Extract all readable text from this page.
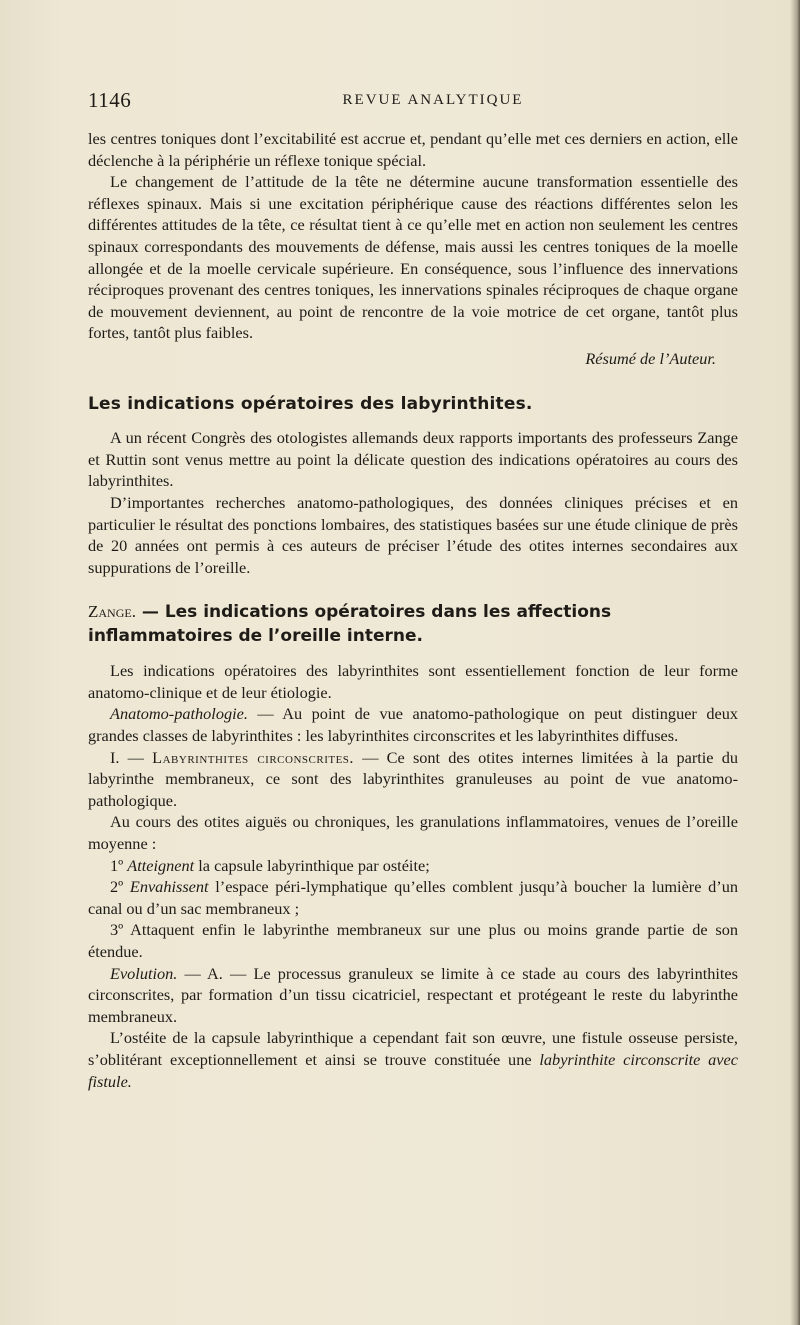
1146	REVUE ANALYTIQUE

les centres toniques dont l’excitabilité est accrue et, pendant qu’elle met ces derniers en action, elle déclenche à la périphérie un réflexe tonique spécial.

Le changement de l’attitude de la tête ne détermine aucune transformation essentielle des réflexes spinaux. Mais si une excitation périphérique cause des réactions différentes selon les différentes attitudes de la tête, ce résultat tient à ce qu’elle met en action non seulement les centres spinaux correspondants des mouvements de défense, mais aussi les centres toniques de la moelle allongée et de la moelle cervicale supérieure. En conséquence, sous l’influence des innervations réciproques provenant des centres toniques, les innervations spinales réciproques de chaque organe de mouvement deviennent, au point de rencontre de la voie motrice de cet organe, tantôt plus fortes, tantôt plus faibles.

Résumé de l’Auteur.

Les indications opératoires des labyrinthites.

A un récent Congrès des otologistes allemands deux rapports importants des professeurs Zange et Ruttin sont venus mettre au point la délicate question des indications opératoires au cours des labyrinthites.

D’importantes recherches anatomo-pathologiques, des données cliniques précises et en particulier le résultat des ponctions lombaires, des statistiques basées sur une étude clinique de près de 20 années ont permis à ces auteurs de préciser l’étude des otites internes secondaires aux suppurations de l’oreille.

Zange. — Les indications opératoires dans les affections inflammatoires de l’oreille interne.

Les indications opératoires des labyrinthites sont essentiellement fonction de leur forme anatomo-clinique et de leur étiologie.

Anatomo-pathologie. — Au point de vue anatomo-pathologique on peut distinguer deux grandes classes de labyrinthites : les labyrinthites circonscrites et les labyrinthites diffuses.

I. — Labyrinthites circonscrites. — Ce sont des otites internes limitées à la partie du labyrinthe membraneux, ce sont des labyrinthites granuleuses au point de vue anatomo-pathologique.

Au cours des otites aiguës ou chroniques, les granulations inflammatoires, venues de l’oreille moyenne :

1º Atteignent la capsule labyrinthique par ostéite;

2º Envahissent l’espace péri-lymphatique qu’elles comblent jusqu’à boucher la lumière d’un canal ou d’un sac membraneux ;

3º Attaquent enfin le labyrinthe membraneux sur une plus ou moins grande partie de son étendue.

Evolution. — A. — Le processus granuleux se limite à ce stade au cours des labyrinthites circonscrites, par formation d’un tissu cicatriciel, respectant et protégeant le reste du labyrinthe membraneux.

L’ostéite de la capsule labyrinthique a cependant fait son œuvre, une fistule osseuse persiste, s’oblitérant exceptionnellement et ainsi se trouve constituée une labyrinthite circonscrite avec fistule.
